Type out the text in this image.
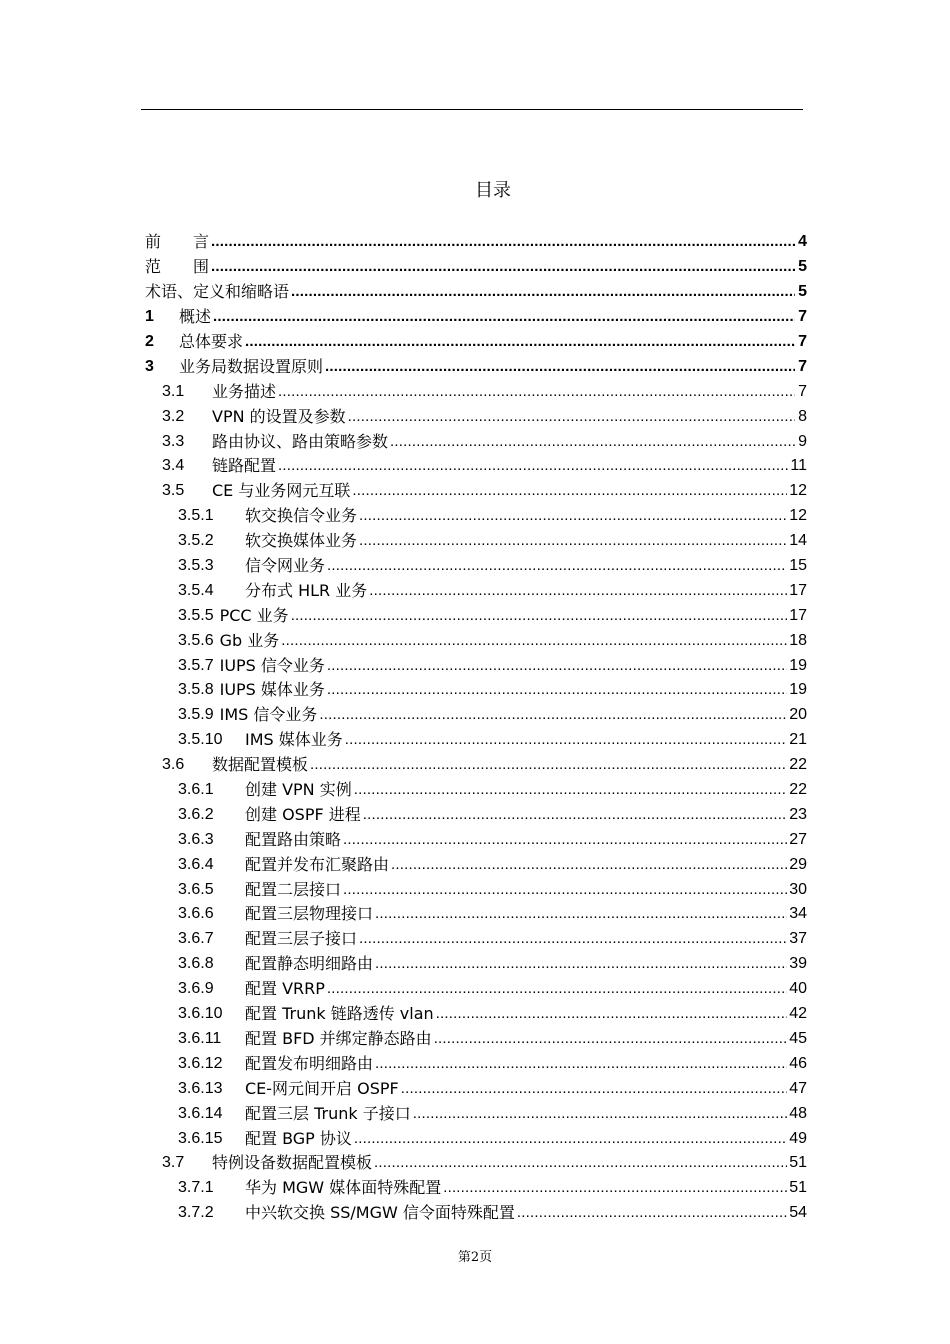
目录
前　　言 .....	4
范　　围 .....	5
术语、定义和缩略语 .....	5
1	概述 .....	7
2	总体要求 .....	7
3	业务局数据设置原则 .....	7
3.1	业务描述 .....	7
3.2	VPN 的设置及参数 .....	8
3.3	路由协议、路由策略参数 .....	9
3.4	链路配置 .....	11
3.5	CE 与业务网元互联 .....	12
3.5.1	软交换信令业务 .....	12
3.5.2	软交换媒体业务 .....	14
3.5.3	信令网业务 .....	15
3.5.4	分布式 HLR 业务 .....	17
3.5.5 PCC 业务 .....	17
3.5.6 Gb 业务 .....	18
3.5.7 IUPS 信令业务 .....	19
3.5.8 IUPS 媒体业务 .....	19
3.5.9 IMS 信令业务 .....	20
3.5.10	IMS 媒体业务 .....	21
3.6	数据配置模板 .....	22
3.6.1	创建 VPN 实例 .....	22
3.6.2	创建 OSPF 进程 .....	23
3.6.3	配置路由策略 .....	27
3.6.4	配置并发布汇聚路由 .....	29
3.6.5	配置二层接口 .....	30
3.6.6	配置三层物理接口 .....	34
3.6.7	配置三层子接口 .....	37
3.6.8	配置静态明细路由 .....	39
3.6.9	配置 VRRP .....	40
3.6.10	配置 Trunk 链路透传 vlan .....	42
3.6.11	配置 BFD 并绑定静态路由 .....	45
3.6.12	配置发布明细路由 .....	46
3.6.13	CE-网元间开启 OSPF .....	47
3.6.14	配置三层 Trunk 子接口 .....	48
3.6.15	配置 BGP 协议 .....	49
3.7	特例设备数据配置模板 .....	51
3.7.1	华为 MGW 媒体面特殊配置 .....	51
3.7.2	中兴软交换 SS/MGW 信令面特殊配置 .....	54
第2页
